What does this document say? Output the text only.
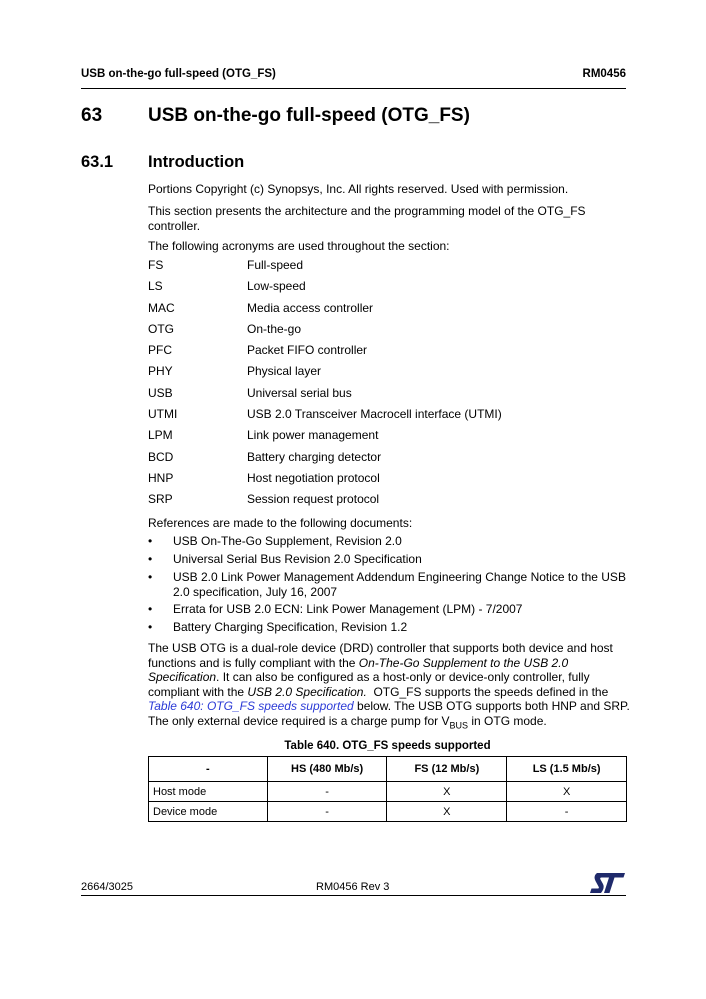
USB on-the-go full-speed (OTG_FS)	RM0456
63 USB on-the-go full-speed (OTG_FS)
63.1 Introduction
Portions Copyright (c) Synopsys, Inc. All rights reserved. Used with permission.
This section presents the architecture and the programming model of the OTG_FS
controller.
The following acronyms are used throughout the section:
FS	Full-speed
LS	Low-speed
MAC	Media access controller
OTG	On-the-go
PFC	Packet FIFO controller
PHY	Physical layer
USB	Universal serial bus
UTMI	USB 2.0 Transceiver Macrocell interface (UTMI)
LPM	Link power management
BCD	Battery charging detector
HNP	Host negotiation protocol
SRP	Session request protocol
References are made to the following documents:
• USB On-The-Go Supplement, Revision 2.0
• Universal Serial Bus Revision 2.0 Specification
• USB 2.0 Link Power Management Addendum Engineering Change Notice to the USB
2.0 specification, July 16, 2007
• Errata for USB 2.0 ECN: Link Power Management (LPM) - 7/2007
• Battery Charging Specification, Revision 1.2
The USB OTG is a dual-role device (DRD) controller that supports both device and host
functions and is fully compliant with the On-The-Go Supplement to the USB 2.0
Specification. It can also be configured as a host-only or device-only controller, fully
compliant with the USB 2.0 Specification.  OTG_FS supports the speeds defined in the
Table 640: OTG_FS speeds supported below. The USB OTG supports both HNP and SRP.
The only external device required is a charge pump for $V_{BUS}$ in OTG mode.
Table 640. OTG_FS speeds supported
-	HS (480 Mb/s)	FS (12 Mb/s)	LS (1.5 Mb/s)
Host mode	-	X	X
Device mode	-	X	-
2664/3025	RM0456 Rev 3
